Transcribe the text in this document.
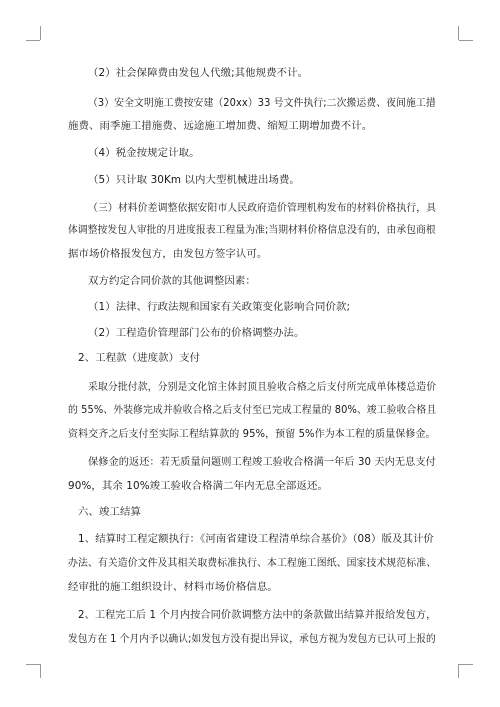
（2）社会保障费由发包人代缴;其他规费不计。
（3）安全文明施工费按安建（20xx）33 号文件执行;二次搬运费、夜间施工措
施费、雨季施工措施费、远途施工增加费、缩短工期增加费不计。
（4）税金按规定计取。
（5）只计取 30Km 以内大型机械进出场费。
（三）材料价差调整依据安阳市人民政府造价管理机构发布的材料价格执行，具
体调整按发包人审批的月进度报表工程量为准;当期材料价格信息没有的，由承包商根
据市场价格报发包方，由发包方签字认可。
双方约定合同价款的其他调整因素：
（1）法律、行政法规和国家有关政策变化影响合同价款;
（2）工程造价管理部门公布的价格调整办法。
2、工程款（进度款）支付
采取分批付款，分别是文化馆主体封顶且验收合格之后支付所完成单体楼总造价
的 55%、外装修完成并验收合格之后支付至已完成工程量的 80%、竣工验收合格且
资料交齐之后支付至实际工程结算款的 95%，预留 5%作为本工程的质量保修金。
保修金的返还：若无质量问题则工程竣工验收合格满一年后 30 天内无息支付
90%，其余 10%竣工验收合格满二年内无息全部返还。
六、竣工结算
1、结算时工程定额执行：《河南省建设工程清单综合基价》（08）版及其计价
办法、有关造价文件及其相关取费标准执行、本工程施工图纸、国家技术规范标准、
经审批的施工组织设计、材料市场价格信息。
2、工程完工后 1 个月内按合同价款调整方法中的条款做出结算并报给发包方，
发包方在 1 个月内予以确认;如发包方没有提出异议，承包方视为发包方已认可上报的
